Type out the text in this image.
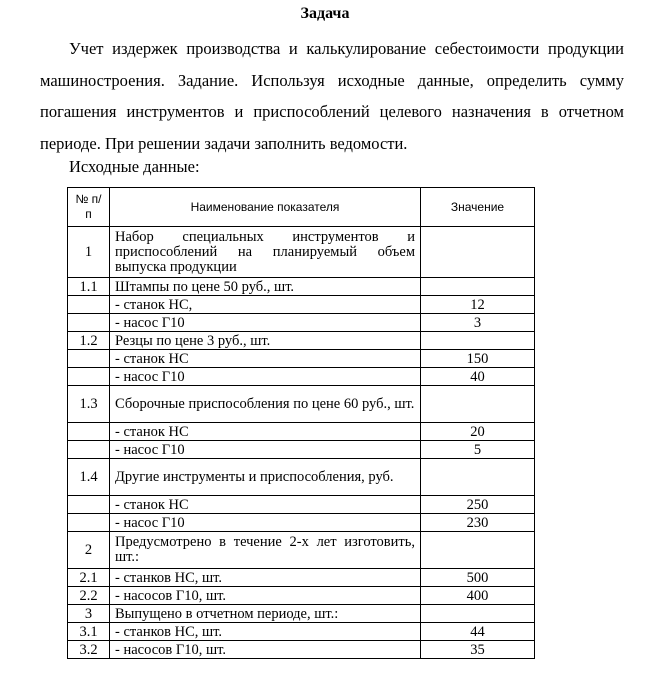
Задача

Учет издержек производства и калькулирование себестоимости продукции машиностроения. Задание. Используя исходные данные, определить сумму погашения инструментов и приспособлений целевого назначения в отчетном периоде. При решении задачи заполнить ведомости.

Исходные данные:
№ п/п	Наименование показателя	Значение
1	Набор специальных инструментов и приспособлений на планируемый объем выпуска продукции	
1.1	Штампы по цене 50 руб., шт.	
	- станок НС,	12
	- насос Г10	3
1.2	Резцы по цене 3 руб., шт.	
	- станок НС	150
	- насос Г10	40
1.3	Сборочные приспособления по цене 60 руб., шт.	
	- станок НС	20
	- насос Г10	5
1.4	Другие инструменты и приспособления, руб.	
	- станок НС	250
	- насос Г10	230
2	Предусмотрено в течение 2-х лет изготовить, шт.:	
2.1	- станков НС, шт.	500
2.2	- насосов Г10, шт.	400
3	Выпущено в отчетном периоде, шт.:	
3.1	- станков НС, шт.	44
3.2	- насосов Г10, шт.	35
